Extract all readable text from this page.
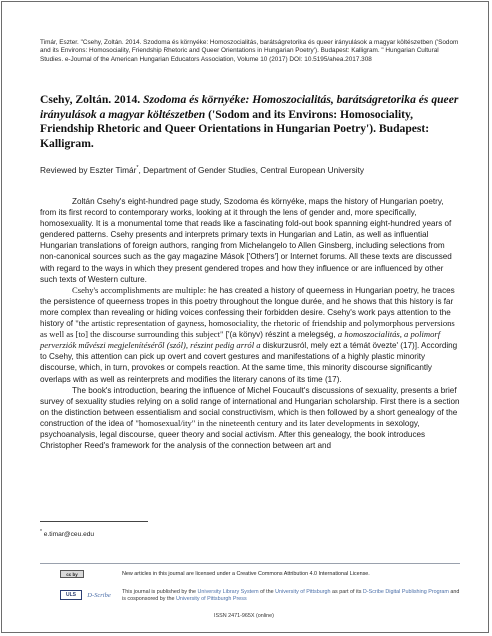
Timár, Eszter. "Csehy, Zoltán. 2014. Szodoma és környéke: Homoszocialitás, barátságretorika és queer irányulások a magyar költészetben ('Sodom and its Environs: Homosociality, Friendship Rhetoric and Queer Orientations in Hungarian Poetry'). Budapest: Kalligram. " Hungarian Cultural Studies. e-Journal of the American Hungarian Educators Association, Volume 10 (2017) DOI: 10.5195/ahea.2017.308
Csehy, Zoltán. 2014. Szodoma és környéke: Homoszocialitás, barátságretorika és queer irányulások a magyar költészetben ('Sodom and its Environs: Homosociality, Friendship Rhetoric and Queer Orientations in Hungarian Poetry'). Budapest: Kalligram.
Reviewed by Eszter Timár*, Department of Gender Studies, Central European University

Zoltán Csehy's eight-hundred page study, Szodoma és környéke, maps the history of Hungarian poetry, from its first record to contemporary works, looking at it through the lens of gender and, more specifically, homosexuality. It is a monumental tome that reads like a fascinating fold-out book spanning eight-hundred years of gendered patterns. Csehy presents and interprets primary texts in Hungarian and Latin, as well as influential Hungarian translations of foreign authors, ranging from Michelangelo to Allen Ginsberg, including selections from non-canonical sources such as the gay magazine Mások ['Others'] or Internet forums. All these texts are discussed with regard to the ways in which they present gendered tropes and how they influence or are influenced by other such texts of Western culture.

Csehy's accomplishments are multiple: he has created a history of queerness in Hungarian poetry, he traces the persistence of queerness tropes in this poetry throughout the longue durée, and he shows that this history is far more complex than revealing or hiding voices confessing their forbidden desire. Csehy's work pays attention to the history of "the artistic representation of gayness, homosociality, the rhetoric of friendship and polymorphous perversions as well as [to] the discourse surrounding this subject" ['(a könyv) részint a melegség, a homoszocialitás, a polimorf perverziók művészi megjelenítéséről (szól), részint pedig arról a diskurzusról, mely ezt a témát övezte' (17)]. According to Csehy, this attention can pick up overt and covert gestures and manifestations of a highly plastic minority discourse, which, in turn, provokes or compels reaction. At the same time, this minority discourse significantly overlaps with as well as reinterprets and modifies the literary canons of its time (17).

The book's introduction, bearing the influence of Michel Foucault's discussions of sexuality, presents a brief survey of sexuality studies relying on a solid range of international and Hungarian scholarship. First there is a section on the distinction between essentialism and social constructivism, which is then followed by a short genealogy of the construction of the idea of "homosexual/ity" in the nineteenth century and its later developments in sexology, psychoanalysis, legal discourse, queer theory and social activism. After this genealogy, the book introduces Christopher Reed's framework for the analysis of the connection between art and

* e.timar@ceu.edu
cc by	New articles in this journal are licensed under a Creative Commons Attribution 4.0 International License.
ULS D-Scribe This journal is published by the University Library System of the University of Pittsburgh as part of its D-Scribe Digital Publishing Program and is cosponsored by the University of Pittsburgh Press
ISSN 2471-965X (online)
